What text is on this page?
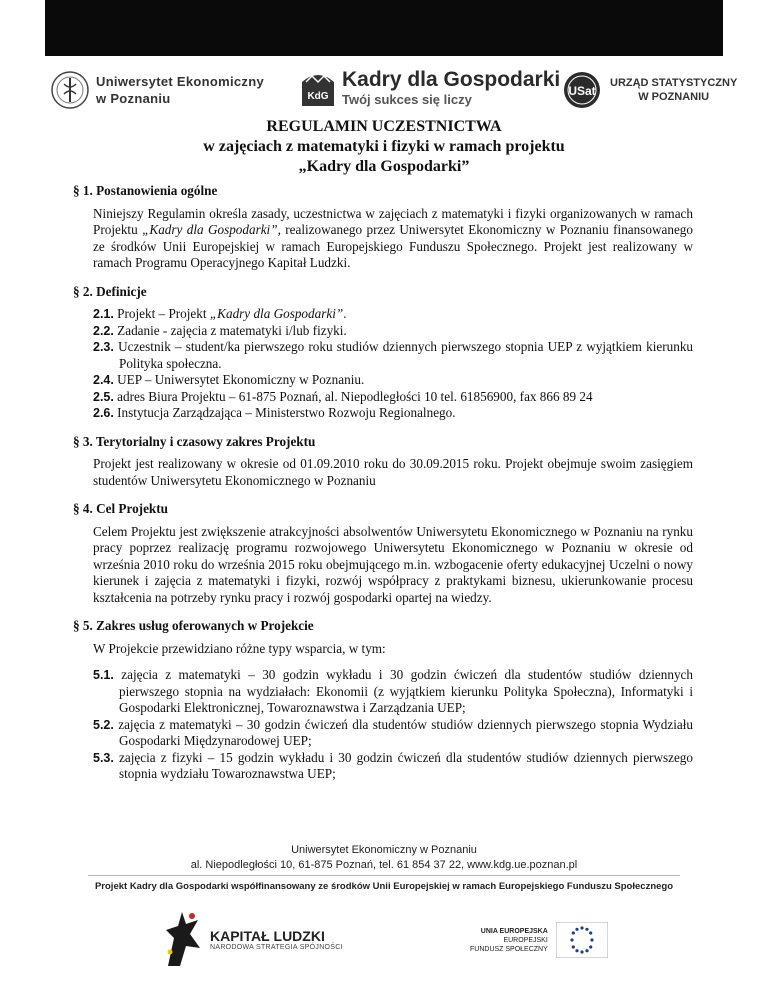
Uniwersytet Ekonomiczny
w Poznaniu	KdG
Kadry dla Gospodarki
Twój sukces się liczy
USat
URZĄD STATYSTYCZNY
W POZNANIU
REGULAMIN UCZESTNICTWA
w zajęciach z matematyki i fizyki w ramach projektu
„Kadry dla Gospodarki”
§ 1. Postanowienia ogólne

Niniejszy Regulamin określa zasady, uczestnictwa w zajęciach z matematyki i fizyki organizowanych w ramach Projektu „Kadry dla Gospodarki”, realizowanego przez Uniwersytet Ekonomiczny w Poznaniu finansowanego ze środków Unii Europejskiej w ramach Europejskiego Funduszu Społecznego. Projekt jest realizowany w ramach Programu Operacyjnego Kapitał Ludzki.

§ 2. Definicje

2.1. Projekt – Projekt „Kadry dla Gospodarki”.

2.2. Zadanie - zajęcia z matematyki i/lub fizyki.

2.3. Uczestnik – student/ka pierwszego roku studiów dziennych pierwszego stopnia UEP z wyjątkiem kierunku Polityka społeczna.

2.4. UEP – Uniwersytet Ekonomiczny w Poznaniu.

2.5. adres Biura Projektu – 61-875 Poznań, al. Niepodległości 10 tel. 61856900, fax 866 89 24

2.6. Instytucja Zarządzająca – Ministerstwo Rozwoju Regionalnego.

§ 3. Terytorialny i czasowy zakres Projektu

Projekt jest realizowany w okresie od 01.09.2010 roku do 30.09.2015 roku. Projekt obejmuje swoim zasięgiem studentów Uniwersytetu Ekonomicznego w Poznaniu

§ 4. Cel Projektu

Celem Projektu jest zwiększenie atrakcyjności absolwentów Uniwersytetu Ekonomicznego w Poznaniu na rynku pracy poprzez realizację programu rozwojowego Uniwersytetu Ekonomicznego w Poznaniu w okresie od września 2010 roku do września 2015 roku obejmującego m.in. wzbogacenie oferty edukacyjnej Uczelni o nowy kierunek i zajęcia z matematyki i fizyki, rozwój współpracy z praktykami biznesu, ukierunkowanie procesu kształcenia na potrzeby rynku pracy i rozwój gospodarki opartej na wiedzy.

§ 5. Zakres usług oferowanych w Projekcie

W Projekcie przewidziano różne typy wsparcia, w tym:

5.1. zajęcia z matematyki – 30 godzin wykładu i 30 godzin ćwiczeń dla studentów studiów dziennych pierwszego stopnia na wydziałach: Ekonomii (z wyjątkiem kierunku Polityka Społeczna), Informatyki i Gospodarki Elektronicznej, Towaroznawstwa i Zarządzania UEP;

5.2. zajęcia z matematyki – 30 godzin ćwiczeń dla studentów studiów dziennych pierwszego stopnia Wydziału Gospodarki Międzynarodowej UEP;

5.3. zajęcia z fizyki – 15 godzin wykładu i 30 godzin ćwiczeń dla studentów studiów dziennych pierwszego stopnia wydziału Towaroznawstwa UEP;

Uniwersytet Ekonomiczny w Poznaniu
al. Niepodległości 10, 61-875 Poznań, tel. 61 854 37 22, www.kdg.ue.poznan.pl
Projekt Kadry dla Gospodarki współfinansowany ze środków Unii Europejskiej w ramach Europejskiego Funduszu Społecznego
KAPITAŁ LUDZKI
NARODOWA STRATEGIA SPÓJNOŚCI
UNIA EUROPEJSKA
EUROPEJSKI
FUNDUSZ SPOŁECZNY
